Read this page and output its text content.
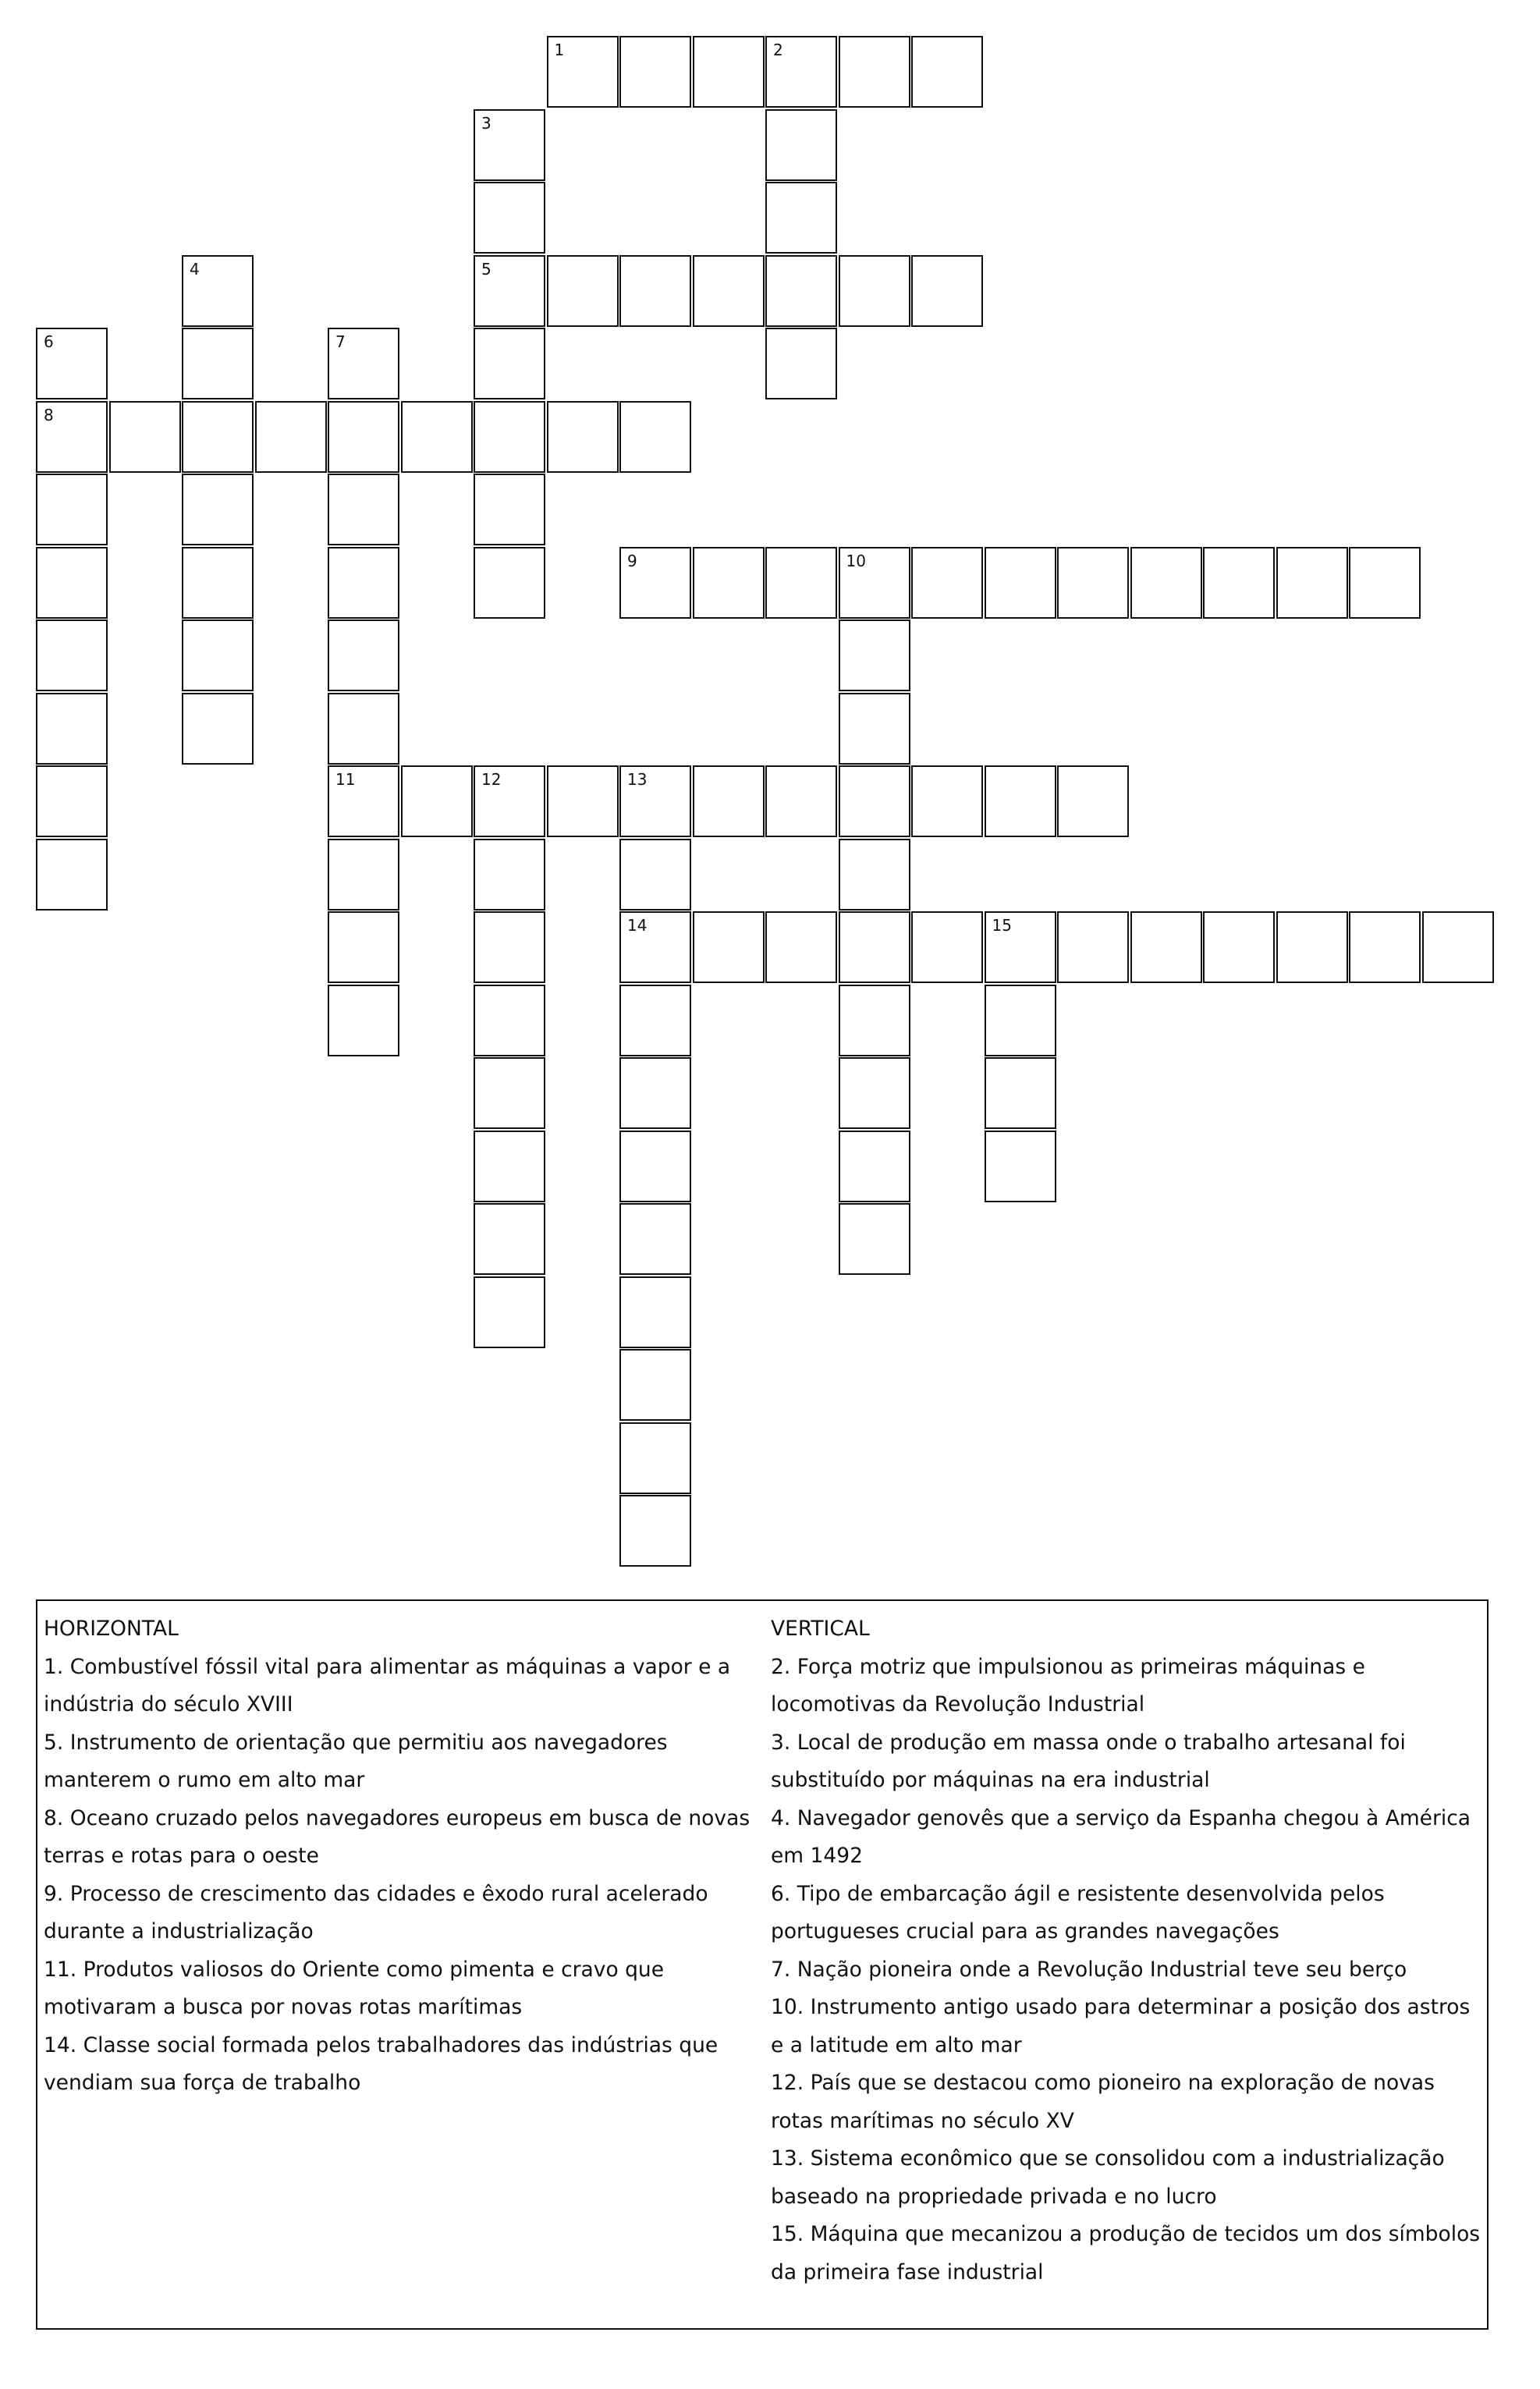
1	2
5
8
9	10
11	12	13
14	15
3
4
6	7
HORIZONTAL
1. Combustível fóssil vital para alimentar as máquinas a vapor e a
indústria do século XVIII
5. Instrumento de orientação que permitiu aos navegadores
manterem o rumo em alto mar
8. Oceano cruzado pelos navegadores europeus em busca de novas
terras e rotas para o oeste
9. Processo de crescimento das cidades e êxodo rural acelerado
durante a industrialização
11. Produtos valiosos do Oriente como pimenta e cravo que
motivaram a busca por novas rotas marítimas
14. Classe social formada pelos trabalhadores das indústrias que
vendiam sua força de trabalho
VERTICAL
2. Força motriz que impulsionou as primeiras máquinas e
locomotivas da Revolução Industrial
3. Local de produção em massa onde o trabalho artesanal foi
substituído por máquinas na era industrial
4. Navegador genovês que a serviço da Espanha chegou à América
em 1492
6. Tipo de embarcação ágil e resistente desenvolvida pelos
portugueses crucial para as grandes navegações
7. Nação pioneira onde a Revolução Industrial teve seu berço
10. Instrumento antigo usado para determinar a posição dos astros
e a latitude em alto mar
12. País que se destacou como pioneiro na exploração de novas
rotas marítimas no século XV
13. Sistema econômico que se consolidou com a industrialização
baseado na propriedade privada e no lucro
15. Máquina que mecanizou a produção de tecidos um dos símbolos
da primeira fase industrial
